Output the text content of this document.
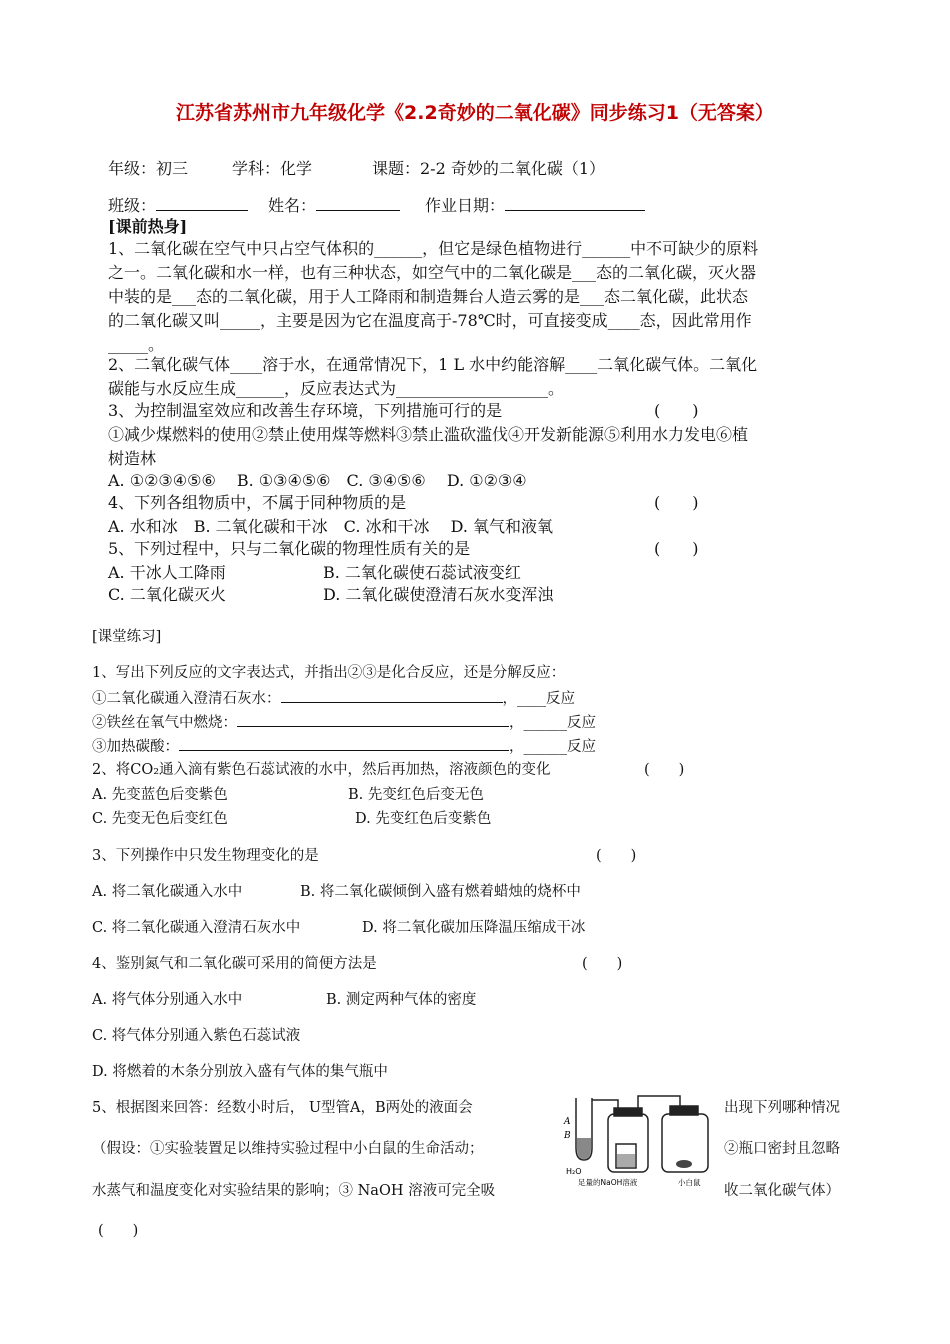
江苏省苏州市九年级化学《2.2奇妙的二氧化碳》同步练习1（无答案）
年级：初三	学科：化学	课题：2-2 奇妙的二氧化碳（1）
班级：	姓名：	作业日期：
[课前热身]
1、二氧化碳在空气中只占空气体积的______，但它是绿色植物进行______中不可缺少的原料
之一。二氧化碳和水一样，也有三种状态，如空气中的二氧化碳是___态的二氧化碳，灭火器
中装的是___态的二氧化碳，用于人工降雨和制造舞台人造云雾的是___态二氧化碳，此状态
的二氧化碳又叫_____，主要是因为它在温度高于-78℃时，可直接变成____态，因此常用作
_____。
2、二氧化碳气体____溶于水，在通常情况下，1 L 水中约能溶解____二氧化碳气体。二氧化
碳能与水反应生成______，反应表达式为___________________。
3、为控制温室效应和改善生存环境，下列措施可行的是	(　　)
①减少煤燃料的使用②禁止使用煤等燃料③禁止滥砍滥伐④开发新能源⑤利用水力发电⑥植
树造林
A. ①②③④⑤⑥　 B. ①③④⑤⑥　C. ③④⑤⑥　 D. ①②③④
4、下列各组物质中，不属于同种物质的是	(　　)
A. 水和冰　B. 二氧化碳和干冰　C. 冰和干冰　 D. 氧气和液氧
5、下列过程中，只与二氧化碳的物理性质有关的是	(　　)
A. 干冰人工降雨	B. 二氧化碳使石蕊试液变红
C. 二氧化碳灭火	D. 二氧化碳使澄清石灰水变浑浊
[课堂练习]
1、写出下列反应的文字表达式，并指出②③是化合反应，还是分解反应：
①二氧化碳通入澄清石灰水：	，____反应
②铁丝在氧气中燃烧：	，______反应
③加热碳酸：	，______反应
2、将CO₂通入滴有紫色石蕊试液的水中，然后再加热，溶液颜色的变化	(　　)
A. 先变蓝色后变紫色	B. 先变红色后变无色
C. 先变无色后变红色	D. 先变红色后变紫色
3、下列操作中只发生物理变化的是	(　　)
A. 将二氧化碳通入水中	B. 将二氧化碳倾倒入盛有燃着蜡烛的烧杯中
C. 将二氧化碳通入澄清石灰水中	D. 将二氧化碳加压降温压缩成干冰
4、鉴别氮气和二氧化碳可采用的简便方法是	(　　)
A. 将气体分别通入水中	B. 测定两种气体的密度
C. 将气体分别通入紫色石蕊试液
D. 将燃着的木条分别放入盛有气体的集气瓶中
5、根据图来回答：经数小时后， U型管A，B两处的液面会	出现下列哪种情况
（假设：①实验装置足以维持实验过程中小白鼠的生命活动；	②瓶口密封且忽略
水蒸气和温度变化对实验结果的影响；③ NaOH 溶液可完全吸	收二氧化碳气体）
(　　)
A
B
H₂O
足量的NaOH溶液	小白鼠
